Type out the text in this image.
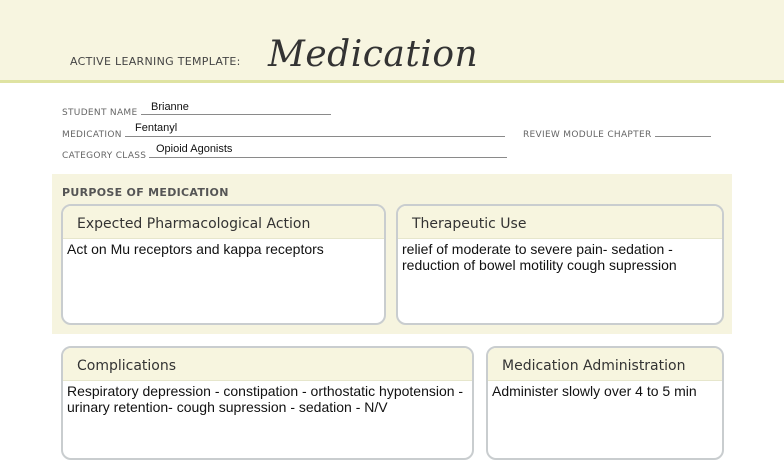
ACTIVE LEARNING TEMPLATE: Medication
STUDENT NAME	Brianne
MEDICATION
Fentanyl
REVIEW MODULE CHAPTER
CATEGORY CLASS
Opioid Agonists
PURPOSE OF MEDICATION
Expected Pharmacological Action
Act on Mu receptors and kappa receptors
Therapeutic Use
relief of moderate to severe pain- sedation - reduction of bowel motility cough supression
Complications
Respiratory depression - constipation - orthostatic hypotension - urinary retention- cough supression - sedation - N/V
Medication Administration
Administer slowly over 4 to 5 min
